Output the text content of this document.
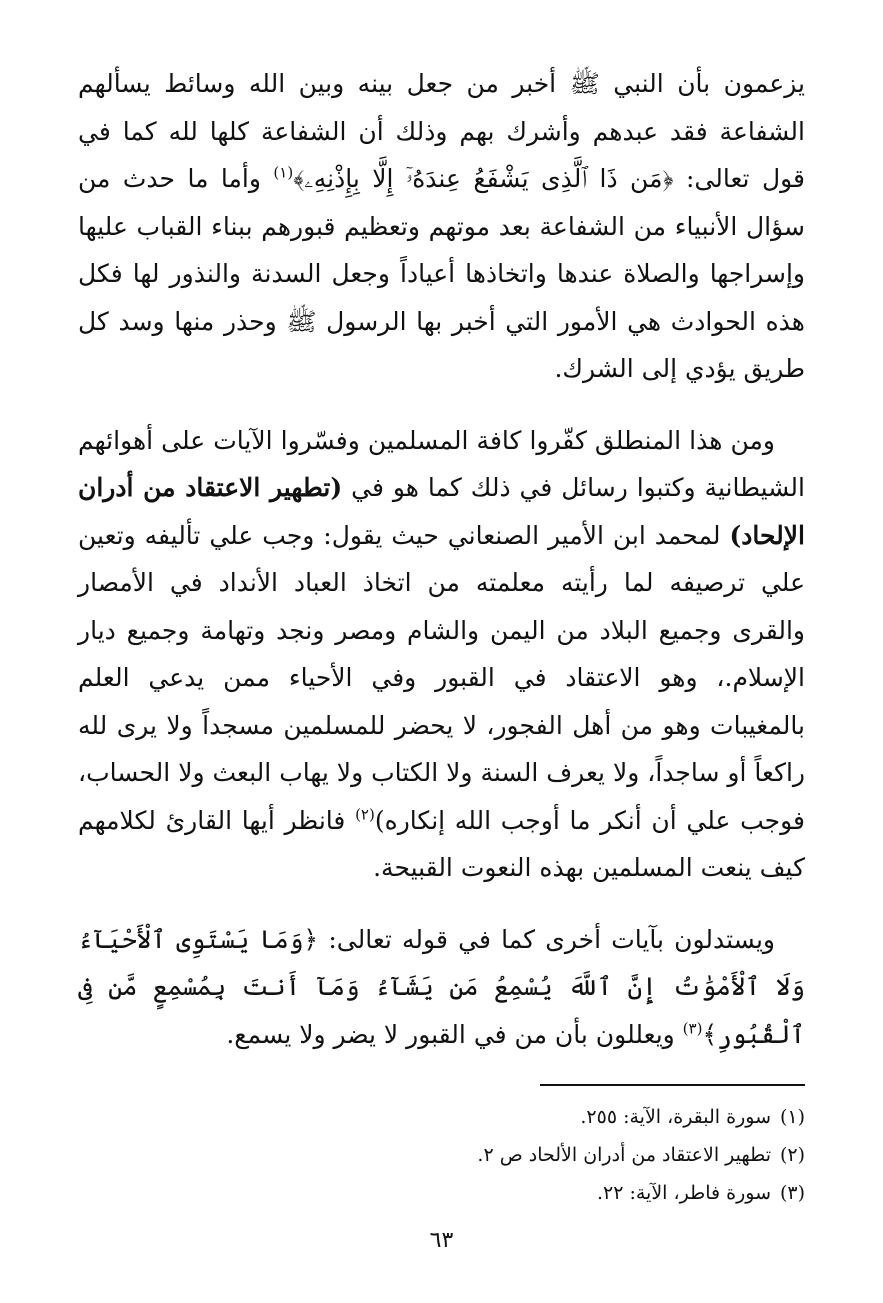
يزعمون بأن النبي ﷺ أخبر من جعل بينه وبين الله وسائط يسألهم الشفاعة فقد عبدهم وأشرك بهم وذلك أن الشفاعة كلها لله كما في قول تعالى: ﴿مَن ذَا ٱلَّذِى يَشْفَعُ عِندَهُۥٓ إِلَّا بِإِذْنِهِۦ﴾$^{(١)}$ وأما ما حدث من سؤال الأنبياء من الشفاعة بعد موتهم وتعظيم قبورهم ببناء القباب عليها وإسراجها والصلاة عندها واتخاذها أعياداً وجعل السدنة والنذور لها فكل هذه الحوادث هي الأمور التي أخبر بها الرسول ﷺ وحذر منها وسد كل طريق يؤدي إلى الشرك.

ومن هذا المنطلق كفّروا كافة المسلمين وفسّروا الآيات على أهوائهم الشيطانية وكتبوا رسائل في ذلك كما هو في (تطهير الاعتقاد من أدران الإلحاد) لمحمد ابن الأمير الصنعاني حيث يقول: وجب علي تأليفه وتعين علي ترصيفه لما رأيته معلمته من اتخاذ العباد الأنداد في الأمصار والقرى وجميع البلاد من اليمن والشام ومصر ونجد وتهامة وجميع ديار الإسلام.، وهو الاعتقاد في القبور وفي الأحياء ممن يدعي العلم بالمغيبات وهو من أهل الفجور، لا يحضر للمسلمين مسجداً ولا يرى لله راكعاً أو ساجداً، ولا يعرف السنة ولا الكتاب ولا يهاب البعث ولا الحساب، فوجب علي أن أنكر ما أوجب الله إنكاره)$^{(٢)}$ فانظر أيها القارئ لكلامهم كيف ينعت المسلمين بهذه النعوت القبيحة.

ويستدلون بآيات أخرى كما في قوله تعالى: ﴿وَمَا يَسْتَوِى ٱلْأَحْيَآءُ وَلَا ٱلْأَمْوَٰتُ إِنَّ ٱللَّهَ يُسْمِعُ مَن يَشَآءُ وَمَآ أَنتَ بِمُسْمِعٍ مَّن فِى ٱلْقُبُورِ﴾$^{(٣)}$ ويعللون بأن من في القبور لا يضر ولا يسمع.

(١)سورة البقرة، الآية: ٢٥٥.
(٢)تطهير الاعتقاد من أدران الألحاد ص ٢.
(٣)سورة فاطر، الآية: ٢٢.
٦٣
